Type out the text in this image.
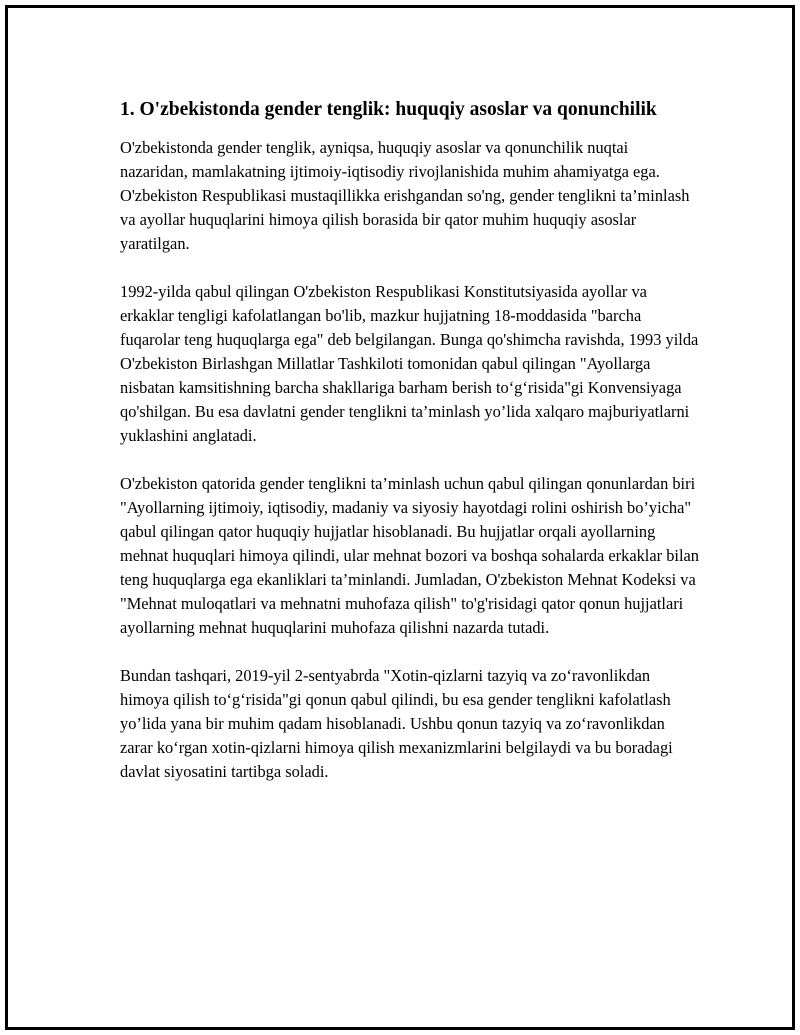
1. O'zbekistonda gender tenglik: huquqiy asoslar va qonunchilik

O'zbekistonda gender tenglik, ayniqsa, huquqiy asoslar va qonunchilik nuqtai nazaridan, mamlakatning ijtimoiy-iqtisodiy rivojlanishida muhim ahamiyatga ega. O'zbekiston Respublikasi mustaqillikka erishgandan so'ng, gender tenglikni ta’minlash va ayollar huquqlarini himoya qilish borasida bir qator muhim huquqiy asoslar yaratilgan.

1992-yilda qabul qilingan O'zbekiston Respublikasi Konstitutsiyasida ayollar va erkaklar tengligi kafolatlangan bo'lib, mazkur hujjatning 18-moddasida "barcha fuqarolar teng huquqlarga ega" deb belgilangan. Bunga qo'shimcha ravishda, 1993 yilda O'zbekiston Birlashgan Millatlar Tashkiloti tomonidan qabul qilingan "Ayollarga nisbatan kamsitishning barcha shakllariga barham berish to‘g‘risida"gi Konvensiyaga qo'shilgan. Bu esa davlatni gender tenglikni ta’minlash yo’lida xalqaro majburiyatlarni yuklashini anglatadi.

O'zbekiston qatorida gender tenglikni ta’minlash uchun qabul qilingan qonunlardan biri "Ayollarning ijtimoiy, iqtisodiy, madaniy va siyosiy hayotdagi rolini oshirish bo’yicha" qabul qilingan qator huquqiy hujjatlar hisoblanadi. Bu hujjatlar orqali ayollarning mehnat huquqlari himoya qilindi, ular mehnat bozori va boshqa sohalarda erkaklar bilan teng huquqlarga ega ekanliklari ta’minlandi. Jumladan, O'zbekiston Mehnat Kodeksi va "Mehnat muloqatlari va mehnatni muhofaza qilish" to'g'risidagi qator qonun hujjatlari ayollarning mehnat huquqlarini muhofaza qilishni nazarda tutadi.

Bundan tashqari, 2019-yil 2-sentyabrda "Xotin-qizlarni tazyiq va zo‘ravonlikdan himoya qilish to‘g‘risida"gi qonun qabul qilindi, bu esa gender tenglikni kafolatlash yo’lida yana bir muhim qadam hisoblanadi. Ushbu qonun tazyiq va zo‘ravonlikdan zarar ko‘rgan xotin-qizlarni himoya qilish mexanizmlarini belgilaydi va bu boradagi davlat siyosatini tartibga soladi.
